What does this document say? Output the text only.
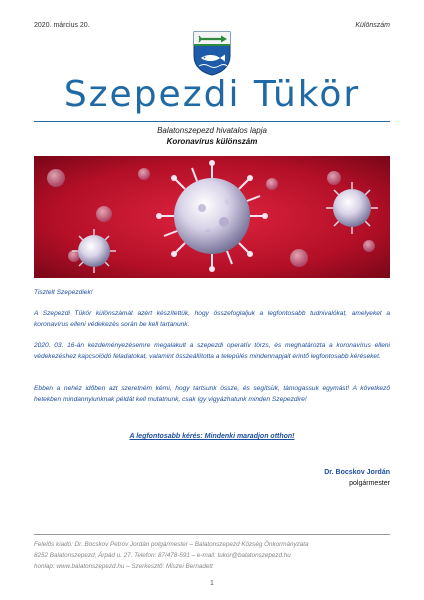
2020. március 20.	Különszám
Szepezdi Tükör
Balatonszepezd hivatalos lapja
Koronavírus különszám
Tisztelt Szepezdiek!
A Szepezdi Tükör különszámát azért készítettük, hogy összefoglaljuk a legfontosabb tudnivalókat, amelyeket a koronavírus elleni védekezés során be kell tartanunk.
2020. 03. 16-án kezdeményezésemre megalakult a szepezdi operatív törzs, és meghatározta a koronavírus elleni védekezéshez kapcsolódó feladatokat, valamint összeállította a település mindennapjait érintő legfontosabb kéréseket.
Ebben a nehéz időben azt szeretném kérni, hogy tartsunk össze, és segítsük, támogassuk egymást! A következő hetekben mindannyiunknak példát kell mutatnunk, csak így vigyázhatunk minden Szepezdire!
A legfontosabb kérés: Mindenki maradjon otthon!
Dr. Bocskov Jordán
polgármester
Felelős kiadó: Dr. Bocskov Petrov Jordán polgármester – Balatonszepezd Község Önkormányzata
8252 Balatonszepezd, Árpád u. 27. Telefon: 87/478-591 – e-mail: tukor@balatonszepezd.hu
honlap: www.balatonszepezd.hu – Szerkesztő: Miszei Bernadett
1
